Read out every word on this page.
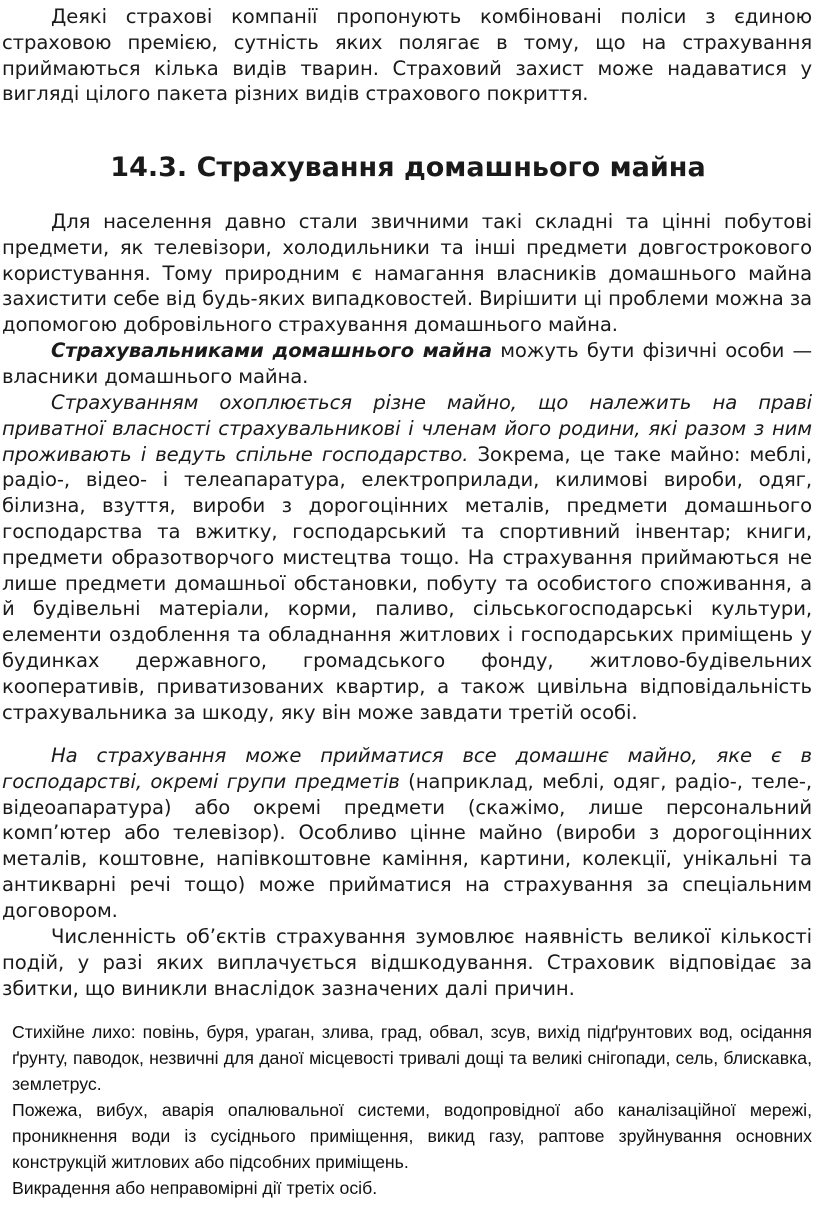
Деякі страхові компанії пропонують комбіновані поліси з єдиною страховою премією, сутність яких полягає в тому, що на страхування приймаються кілька видів тварин. Страховий захист може надаватися у вигляді цілого пакета різних видів страхового покриття.

14.3. Страхування домашнього майна

Для населення давно стали звичними такі складні та цінні побутові предмети, як телевізори, холодильники та інші предмети довгострокового користування. Тому природним є намагання власників домашнього майна захистити себе від будь-яких випадковостей. Вирішити ці проблеми можна за допомогою добровільного страхування домашнього майна.

Страхувальниками домашнього майна можуть бути фізичні особи — власники домашнього майна.

Страхуванням охоплюється різне майно, що належить на праві приватної власності страхувальникові і членам його родини, які разом з ним проживають і ведуть спільне господарство. Зокрема, це таке майно: меблі, радіо-, відео- і телеапаратура, електроприлади, килимові вироби, одяг, білизна, взуття, вироби з дорогоцінних металів, предмети домашнього господарства та вжитку, господарський та спортивний інвентар; книги, предмети образотворчого мистецтва тощо. На страхування приймаються не лише предмети домашньої обстановки, побуту та особистого споживання, а й будівельні матеріали, корми, паливо, сільськогосподарські культури, елементи оздоблення та обладнання житлових і господарських приміщень у будинках державного, громадського фонду, житлово-будівельних кооперативів, приватизованих квартир, а також цивільна відповідальність страхувальника за шкоду, яку він може завдати третій особі.

На страхування може прийматися все домашнє майно, яке є в господарстві, окремі групи предметів (наприклад, меблі, одяг, радіо-, теле-, відеоапаратура) або окремі предмети (скажімо, лише персональний комп’ютер або телевізор). Особливо цінне майно (вироби з дорогоцінних металів, коштовне, напівкоштовне каміння, картини, колекції, унікальні та антикварні речі тощо) може прийматися на страхування за спеціальним договором.

Численність об’єктів страхування зумовлює наявність великої кількості подій, у разі яких виплачується відшкодування. Страховик відповідає за збитки, що виникли внаслідок зазначених далі причин.

Стихійне лихо: повінь, буря, ураган, злива, град, обвал, зсув, вихід підґрунтових вод, осідання ґрунту, паводок, незвичні для даної місцевості тривалі дощі та великі снігопади, сель, блискавка, землетрус.

Пожежа, вибух, аварія опалювальної системи, водопровідної або каналізаційної мережі, проникнення води із сусіднього приміщення, викид газу, раптове зруйнування основних конструкцій житлових або підсобних приміщень.

Викрадення або неправомірні дії третіх осіб.
